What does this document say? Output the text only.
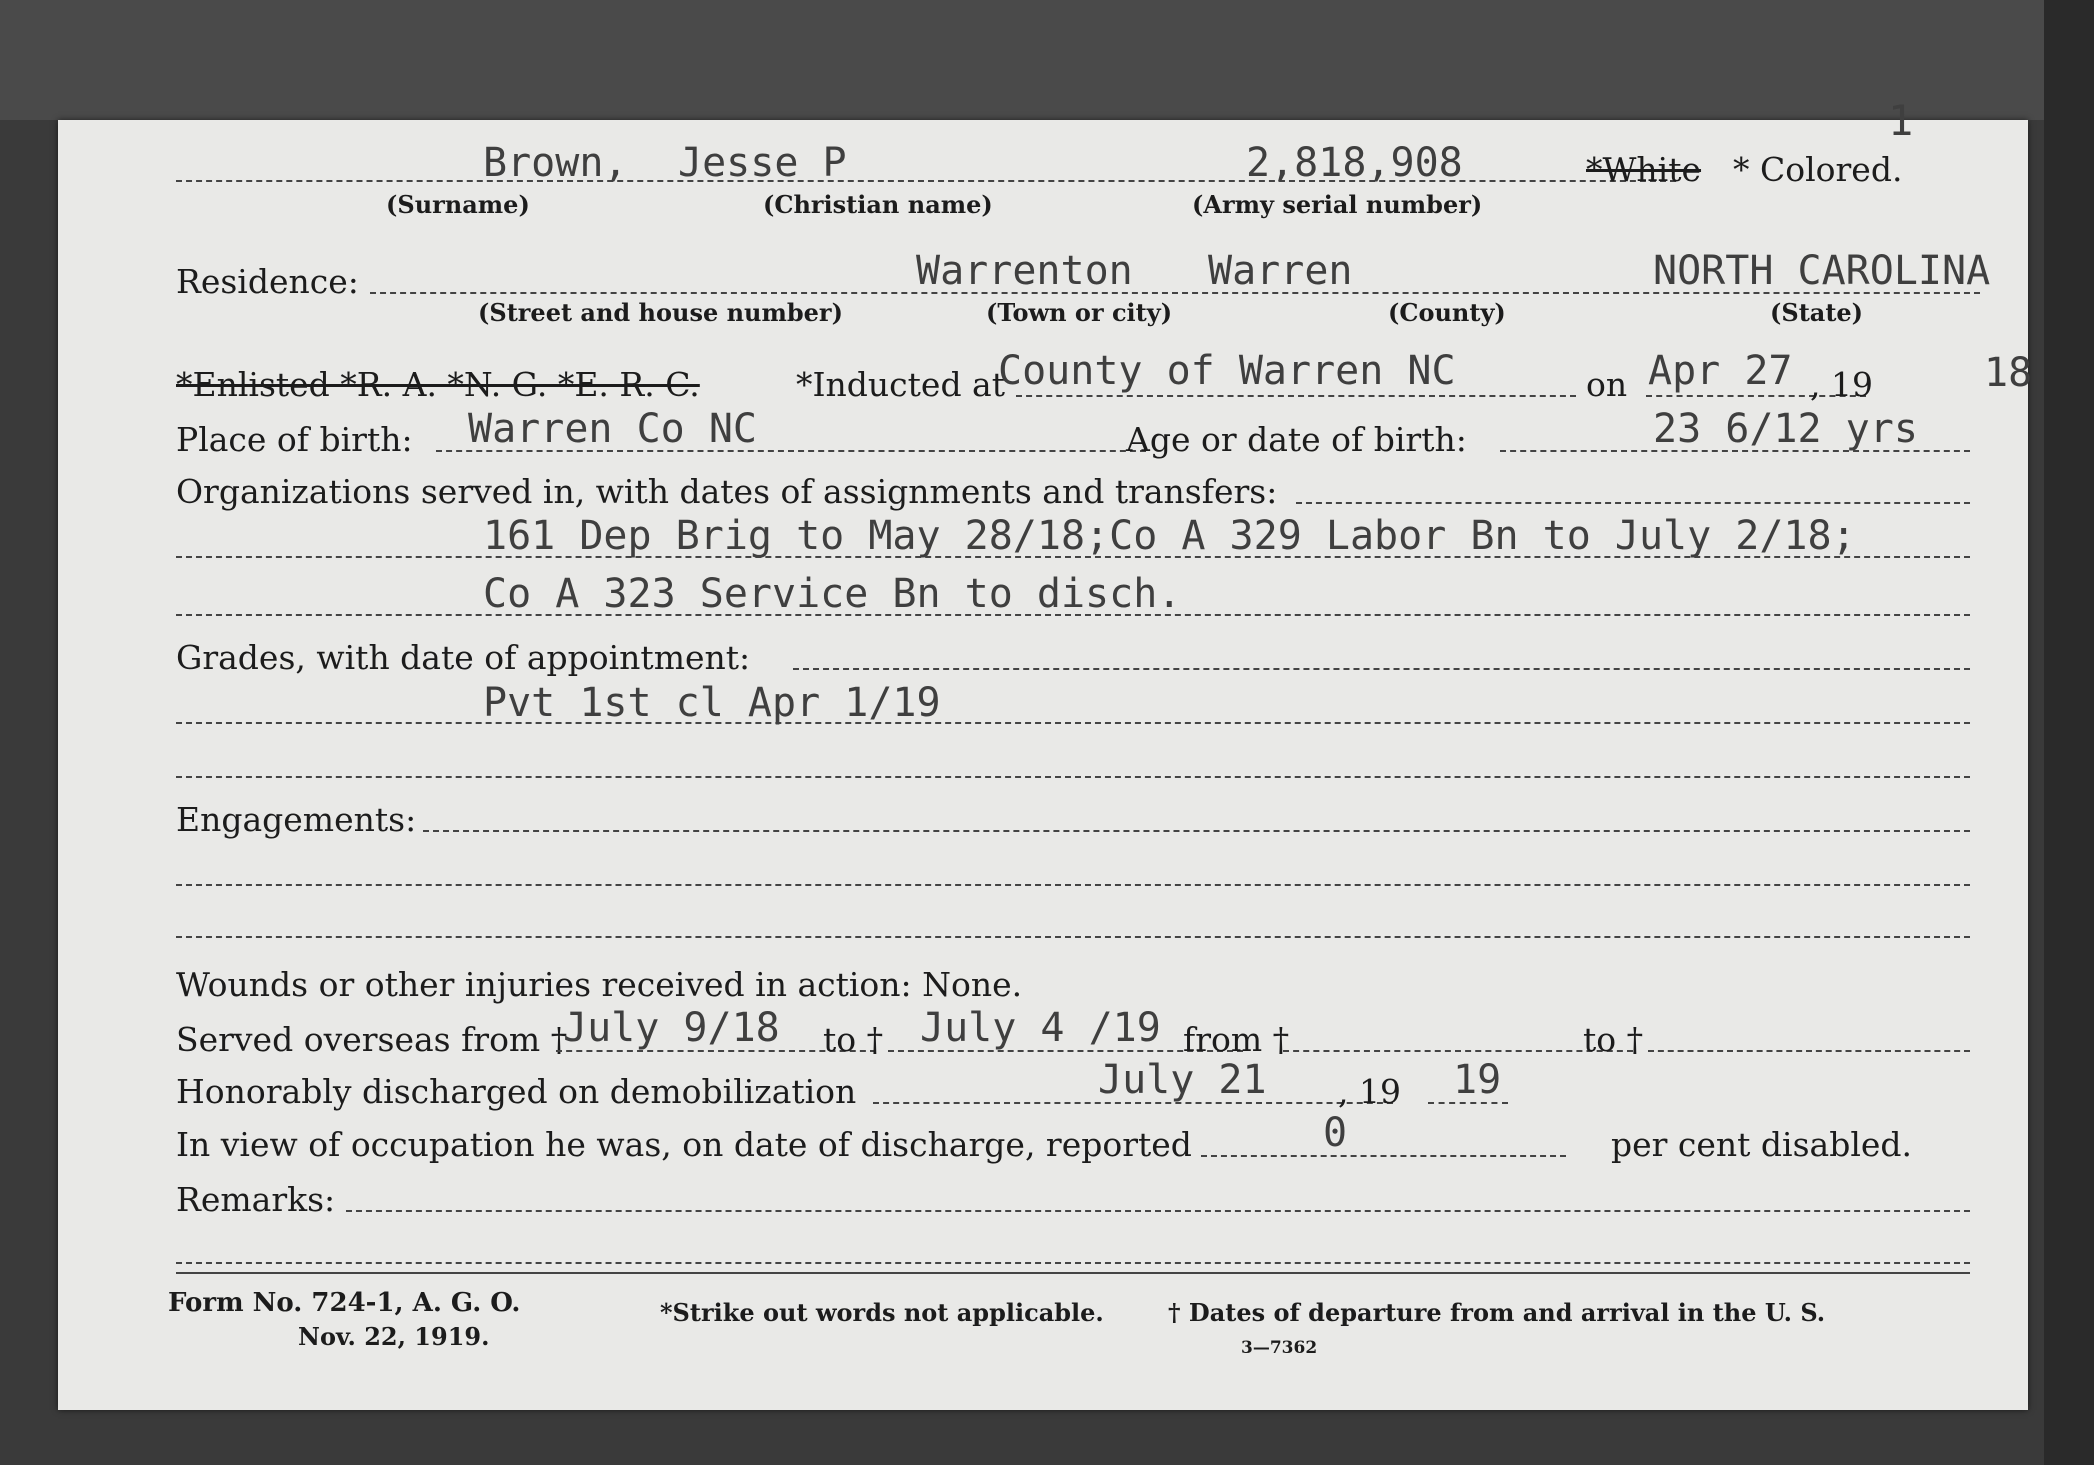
1
Brown, Jesse P	2,818,908	*White * Colored.
(Surname)	(Christian name)	(Army serial number)
Residence:	Warrenton Warren	NORTH CAROLINA
(Street and house number)	(Town or city)	(County)	(State)
*Enlisted *R. A. *N. G. *E. R. C.	*Inducted at
County of Warren NC	on Apr 27 , 19	18
Place of birth: Warren Co NC	Age or date of birth:	23 6/12 yrs
Organizations served in, with dates of assignments and transfers:
161 Dep Brig to May 28/18;Co A 329 Labor Bn to July 2/18;
Co A 323 Service Bn to disch.
Grades, with date of appointment:
Pvt 1st cl Apr 1/19
Engagements:
Wounds or other injuries received in action: None.
Served overseas from †
July 9/18 to † July 4 /19 from †	to †
Honorably discharged on demobilization	July 21 , 19 19
In view of occupation he was, on date of discharge, reported	0	per cent disabled.
Remarks:
Form No. 724-1, A. G. O.
Nov. 22, 1919.
*Strike out words not applicable.	† Dates of departure from and arrival in the U. S.
3—7362
